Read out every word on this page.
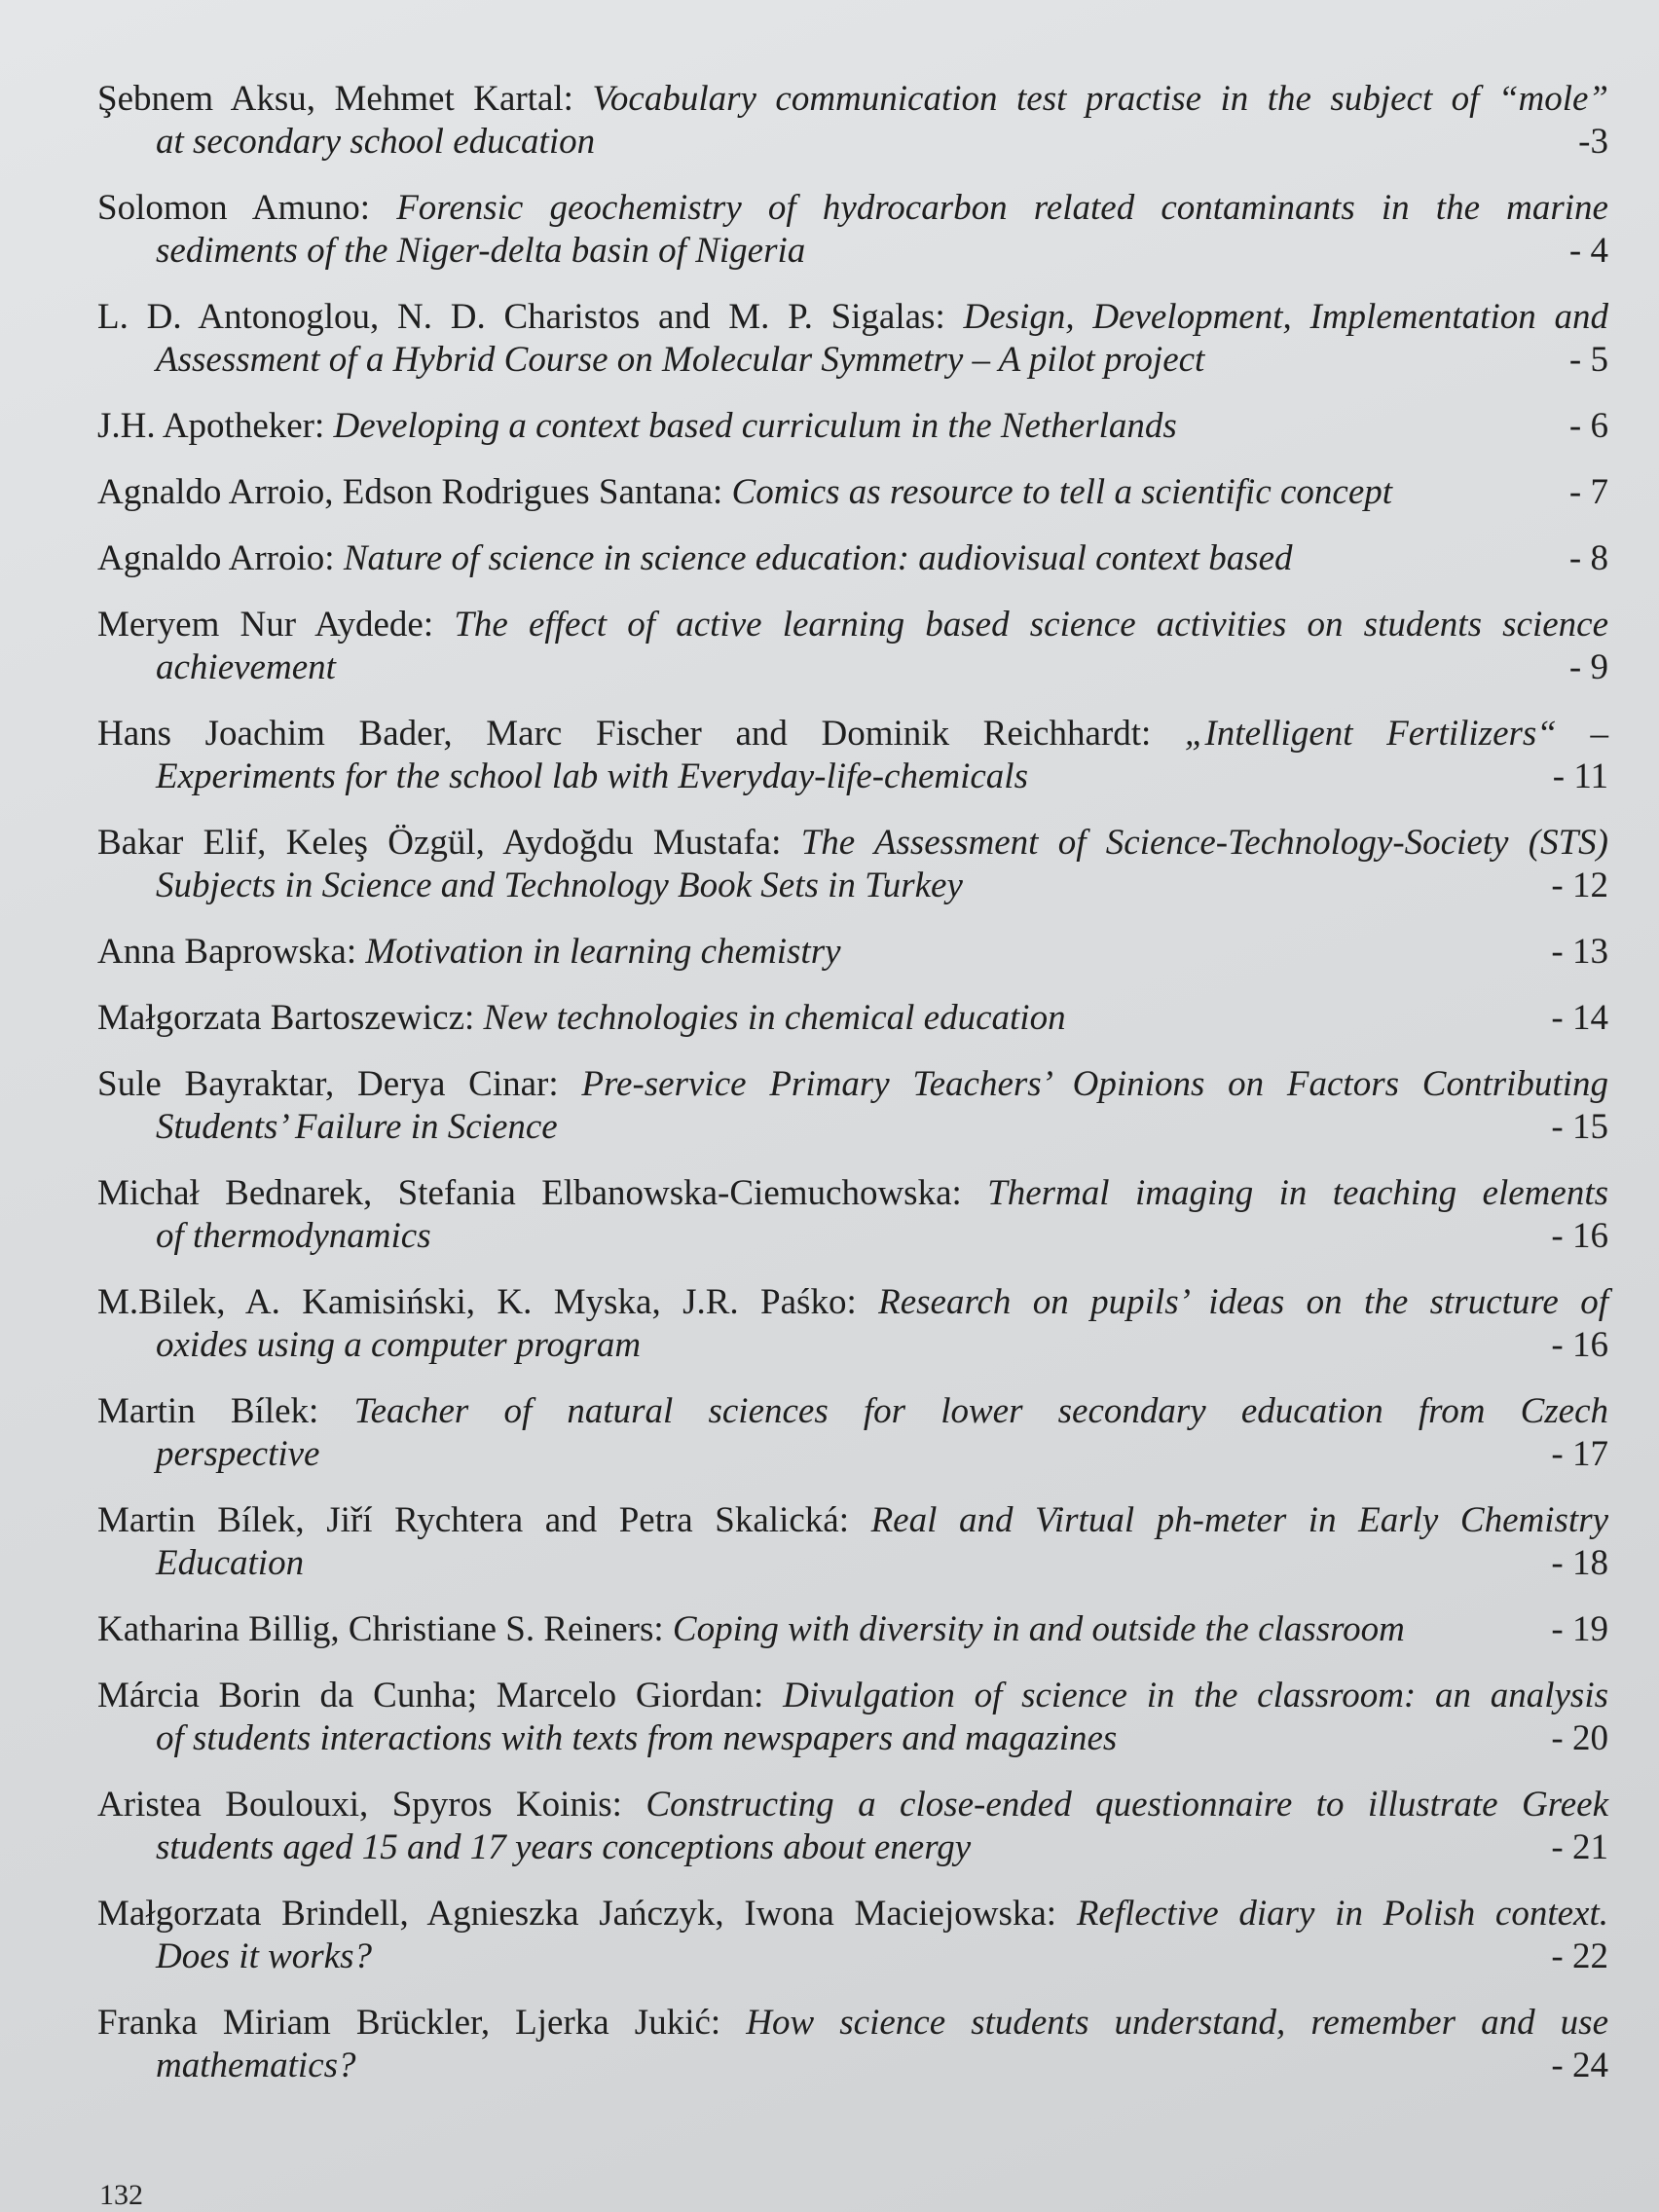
Şebnem Aksu, Mehmet Kartal: Vocabulary communication test practise in the subject of “mole”
at secondary school education	-3
Solomon Amuno: Forensic geochemistry of hydrocarbon related contaminants in the marine
sediments of the Niger-delta basin of Nigeria	- 4
L. D. Antonoglou, N. D. Charistos and M. P. Sigalas: Design, Development, Implementation and
Assessment of a Hybrid Course on Molecular Symmetry – A pilot project	- 5
J.H. Apotheker: Developing a context based curriculum in the Netherlands	- 6
Agnaldo Arroio, Edson Rodrigues Santana: Comics as resource to tell a scientific concept	- 7
Agnaldo Arroio: Nature of science in science education: audiovisual context based	- 8
Meryem Nur Aydede: The effect of active learning based science activities on students science
achievement	- 9
Hans Joachim Bader, Marc Fischer and Dominik Reichhardt: „Intelligent Fertilizers“ –
Experiments for the school lab with Everyday-life-chemicals	- 11
Bakar Elif, Keleş Özgül, Aydoğdu Mustafa: The Assessment of Science-Technology-Society (STS)
Subjects in Science and Technology Book Sets in Turkey	- 12
Anna Baprowska: Motivation in learning chemistry	- 13
Małgorzata Bartoszewicz: New technologies in chemical education	- 14
Sule Bayraktar, Derya Cinar: Pre-service Primary Teachers’ Opinions on Factors Contributing
Students’ Failure in Science	- 15
Michał Bednarek, Stefania Elbanowska-Ciemuchowska: Thermal imaging in teaching elements
of thermodynamics	- 16
M.Bilek, A. Kamisiński, K. Myska, J.R. Paśko: Research on pupils’ ideas on the structure of
oxides using a computer program	- 16
Martin Bílek: Teacher of natural sciences for lower secondary education from Czech
perspective	- 17
Martin Bílek, Jiří Rychtera and Petra Skalická: Real and Virtual ph-meter in Early Chemistry
Education	- 18
Katharina Billig, Christiane S. Reiners: Coping with diversity in and outside the classroom	- 19
Márcia Borin da Cunha; Marcelo Giordan: Divulgation of science in the classroom: an analysis
of students interactions with texts from newspapers and magazines	- 20
Aristea Boulouxi, Spyros Koinis: Constructing a close-ended questionnaire to illustrate Greek
students aged 15 and 17 years conceptions about energy	- 21
Małgorzata Brindell, Agnieszka Jańczyk, Iwona Maciejowska: Reflective diary in Polish context.
Does it works?	- 22
Franka Miriam Brückler, Ljerka Jukić: How science students understand, remember and use
mathematics?	- 24
132
